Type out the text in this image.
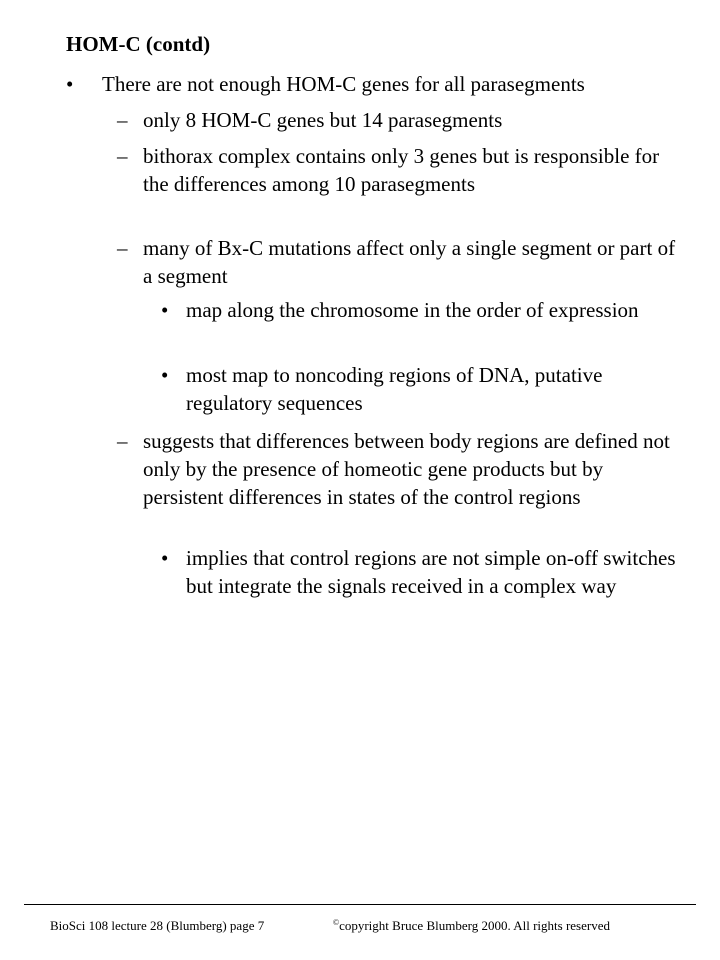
HOM-C (contd)
• There are not enough HOM-C genes for all parasegments
– only 8 HOM-C genes but 14 parasegments
– bithorax complex contains only 3 genes but is responsible for the differences among 10 parasegments
– many of Bx-C mutations affect only a single segment or part of a segment
• map along the chromosome in the order of expression
• most map to noncoding regions of DNA, putative regulatory sequences
– suggests that differences between body regions are defined not only by the presence of homeotic gene products but by persistent differences in states of the control regions
• implies that control regions are not simple on-off switches but integrate the signals received in a complex way
BioSci 108 lecture 28 (Blumberg) page 7	©copyright Bruce Blumberg 2000. All rights reserved
